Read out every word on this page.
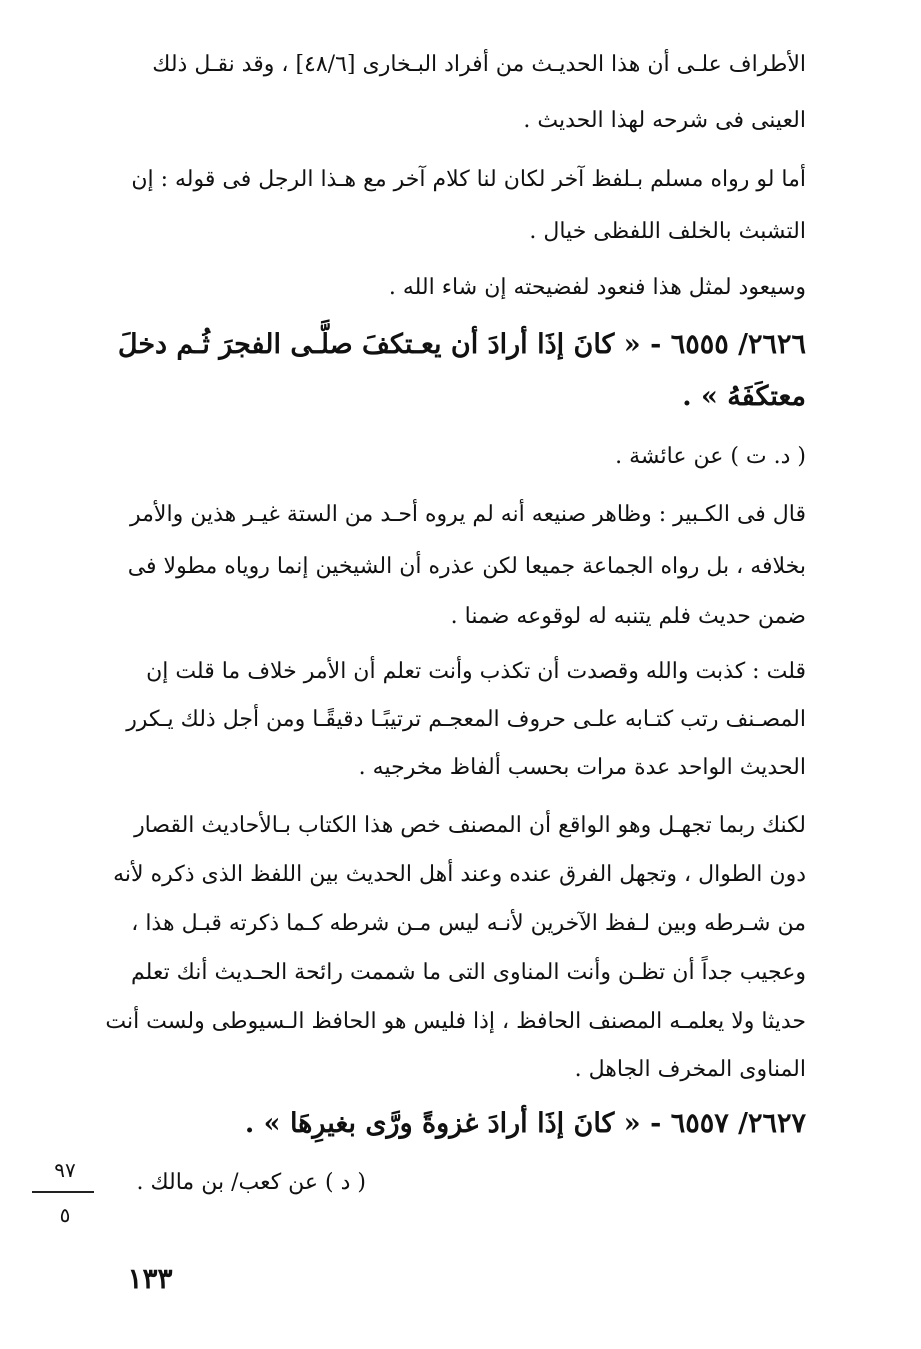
الأطراف علـى أن هذا الحديـث من أفراد البـخارى [٤٨/٦] ، وقد نقـل ذلك
العينى فى شرحه لهذا الحديث .
أما لو رواه مسلم بـلفظ آخر لكان لنا كلام آخر مع هـذا الرجل فى قوله : إن
التشبث بالخلف اللفظى خيال .
وسيعود لمثل هذا فنعود لفضيحته إن شاء الله .
٢٦٢٦/ ٦٥٥٥ - « كانَ إذَا أرادَ أن يعـتكفَ صلَّـى الفجرَ ثُـم دخلَ
معتكَفَهُ » .
( د. ت ) عن عائشة .
قال فى الكـبير : وظاهر صنيعه أنه لم يروه أحـد من الستة غيـر هذين والأمر
بخلافه ، بل رواه الجماعة جميعا لكن عذره أن الشيخين إنما روياه مطولا فى
ضمن حديث فلم يتنبه له لوقوعه ضمنا .
قلت : كذبت والله وقصدت أن تكذب وأنت تعلم أن الأمر خلاف ما قلت إن
المصـنف رتب كتـابه علـى حروف المعجـم ترتيبًـا دقيقًـا ومن أجل ذلك يـكرر
الحديث الواحد عدة مرات بحسب ألفاظ مخرجيه .
لكنك ربما تجهـل وهو الواقع أن المصنف خص هذا الكتاب بـالأحاديث القصار
دون الطوال ، وتجهل الفرق عنده وعند أهل الحديث بين اللفظ الذى ذكره لأنه
من شـرطه وبين لـفظ الآخرين لأنـه ليس مـن شرطه كـما ذكرته قبـل هذا ،
وعجيب جداً أن تظـن وأنت المناوى التى ما شممت رائحة الحـديث أنك تعلم
حديثا ولا يعلمـه المصنف الحافظ ، إذا فليس هو الحافظ الـسيوطى ولست أنت
المناوى المخرف الجاهل .
٢٦٢٧/ ٦٥٥٧ - « كانَ إذَا أرادَ غزوةً ورَّى بغيرِهَا » .
( د ) عن كعب/ بن مالك .
٩٧
٥
١٣٣
